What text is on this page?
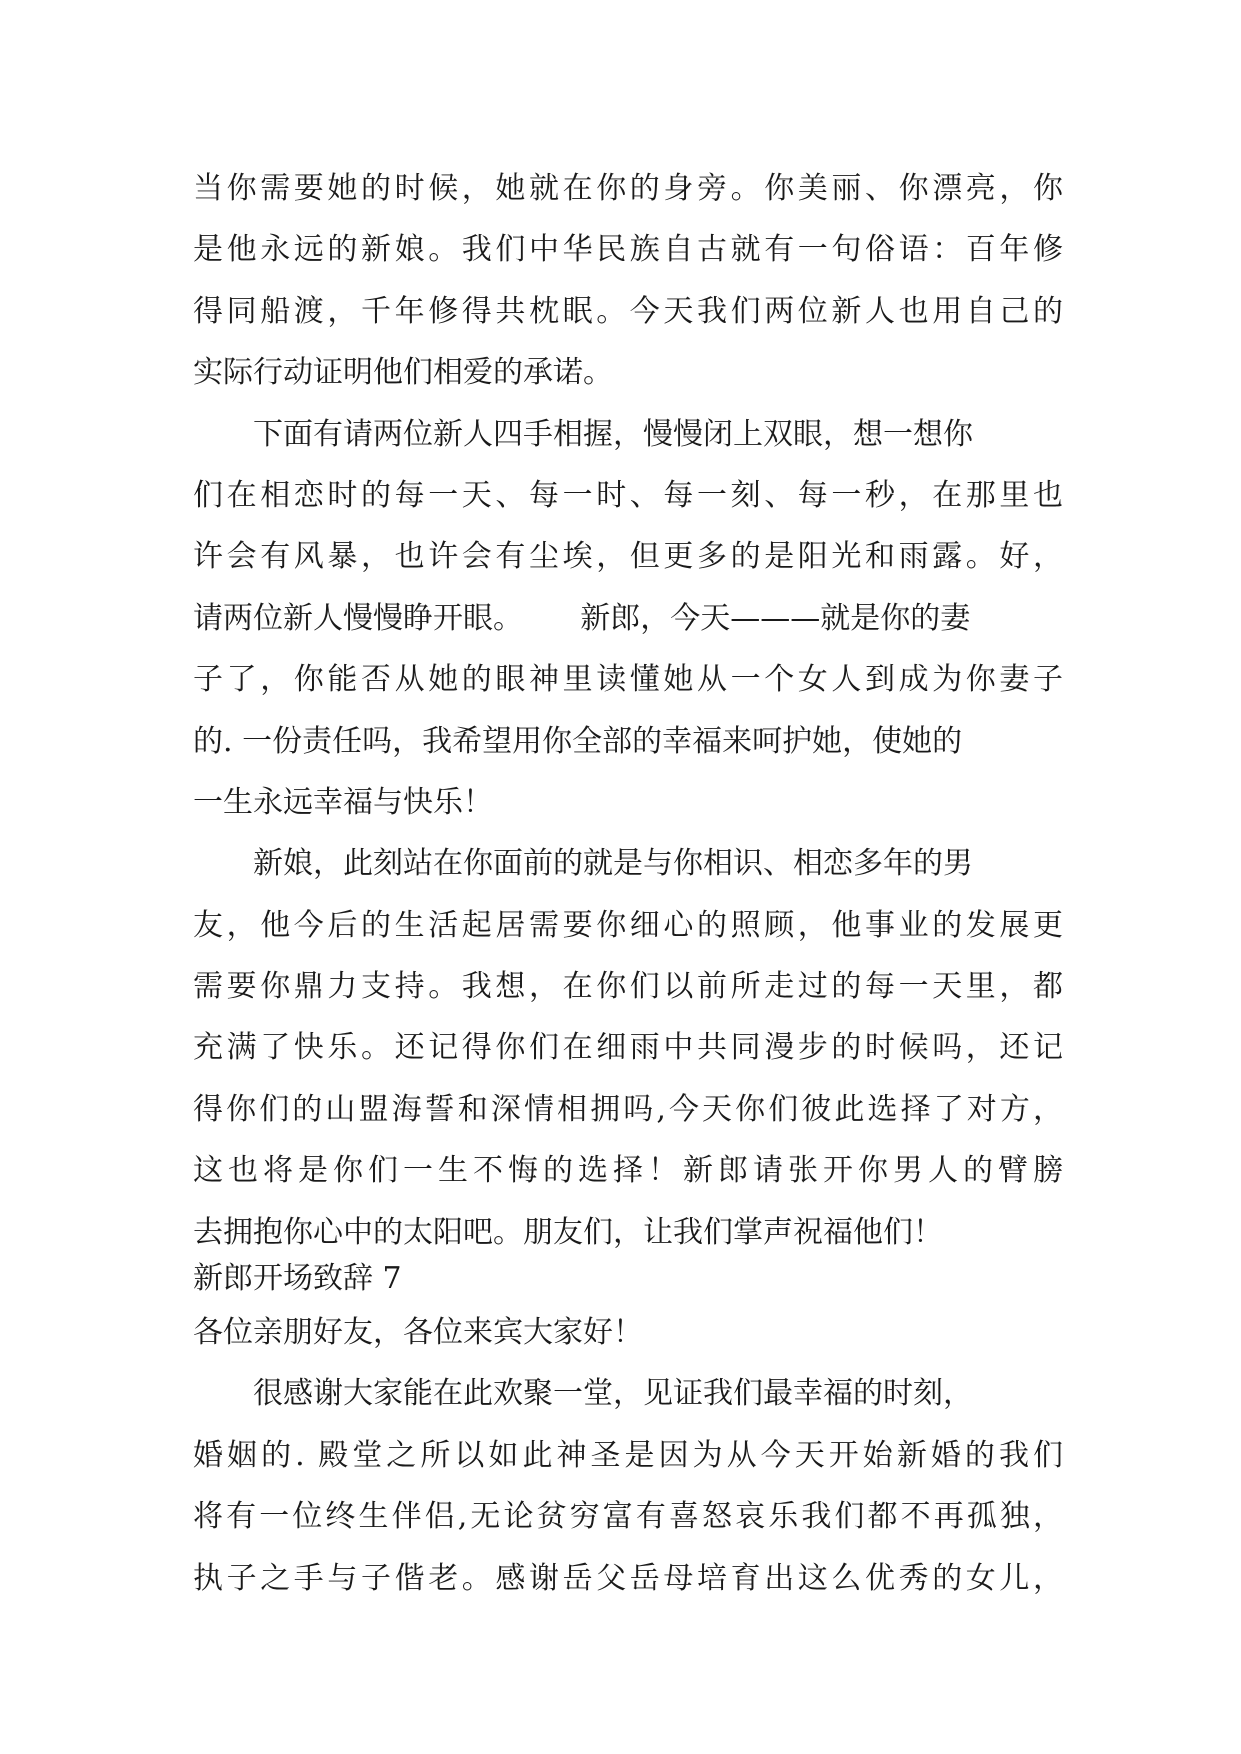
当你需要她的时候，她就在你的身旁。你美丽、你漂亮，你
是他永远的新娘。我们中华民族自古就有一句俗语：百年修
得同船渡，千年修得共枕眠。今天我们两位新人也用自己的
实际行动证明他们相爱的承诺。
下面有请两位新人四手相握，慢慢闭上双眼，想一想你
们在相恋时的每一天、每一时、每一刻、每一秒，在那里也
许会有风暴，也许会有尘埃，但更多的是阳光和雨露。好，
请两位新人慢慢睁开眼。      新郎，今天———就是你的妻
子了，你能否从她的眼神里读懂她从一个女人到成为你妻子
的. 一份责任吗，我希望用你全部的幸福来呵护她，使她的
一生永远幸福与快乐！
新娘，此刻站在你面前的就是与你相识、相恋多年的男
友，他今后的生活起居需要你细心的照顾，他事业的发展更
需要你鼎力支持。我想，在你们以前所走过的每一天里，都
充满了快乐。还记得你们在细雨中共同漫步的时候吗，还记
得你们的山盟海誓和深情相拥吗,今天你们彼此选择了对方，
这也将是你们一生不悔的选择！新郎请张开你男人的臂膀
去拥抱你心中的太阳吧。朋友们，让我们掌声祝福他们！
新郎开场致辞 7
各位亲朋好友，各位来宾大家好！
很感谢大家能在此欢聚一堂，见证我们最幸福的时刻，
婚姻的. 殿堂之所以如此神圣是因为从今天开始新婚的我们
将有一位终生伴侣,无论贫穷富有喜怒哀乐我们都不再孤独，
执子之手与子偕老。感谢岳父岳母培育出这么优秀的女儿，
